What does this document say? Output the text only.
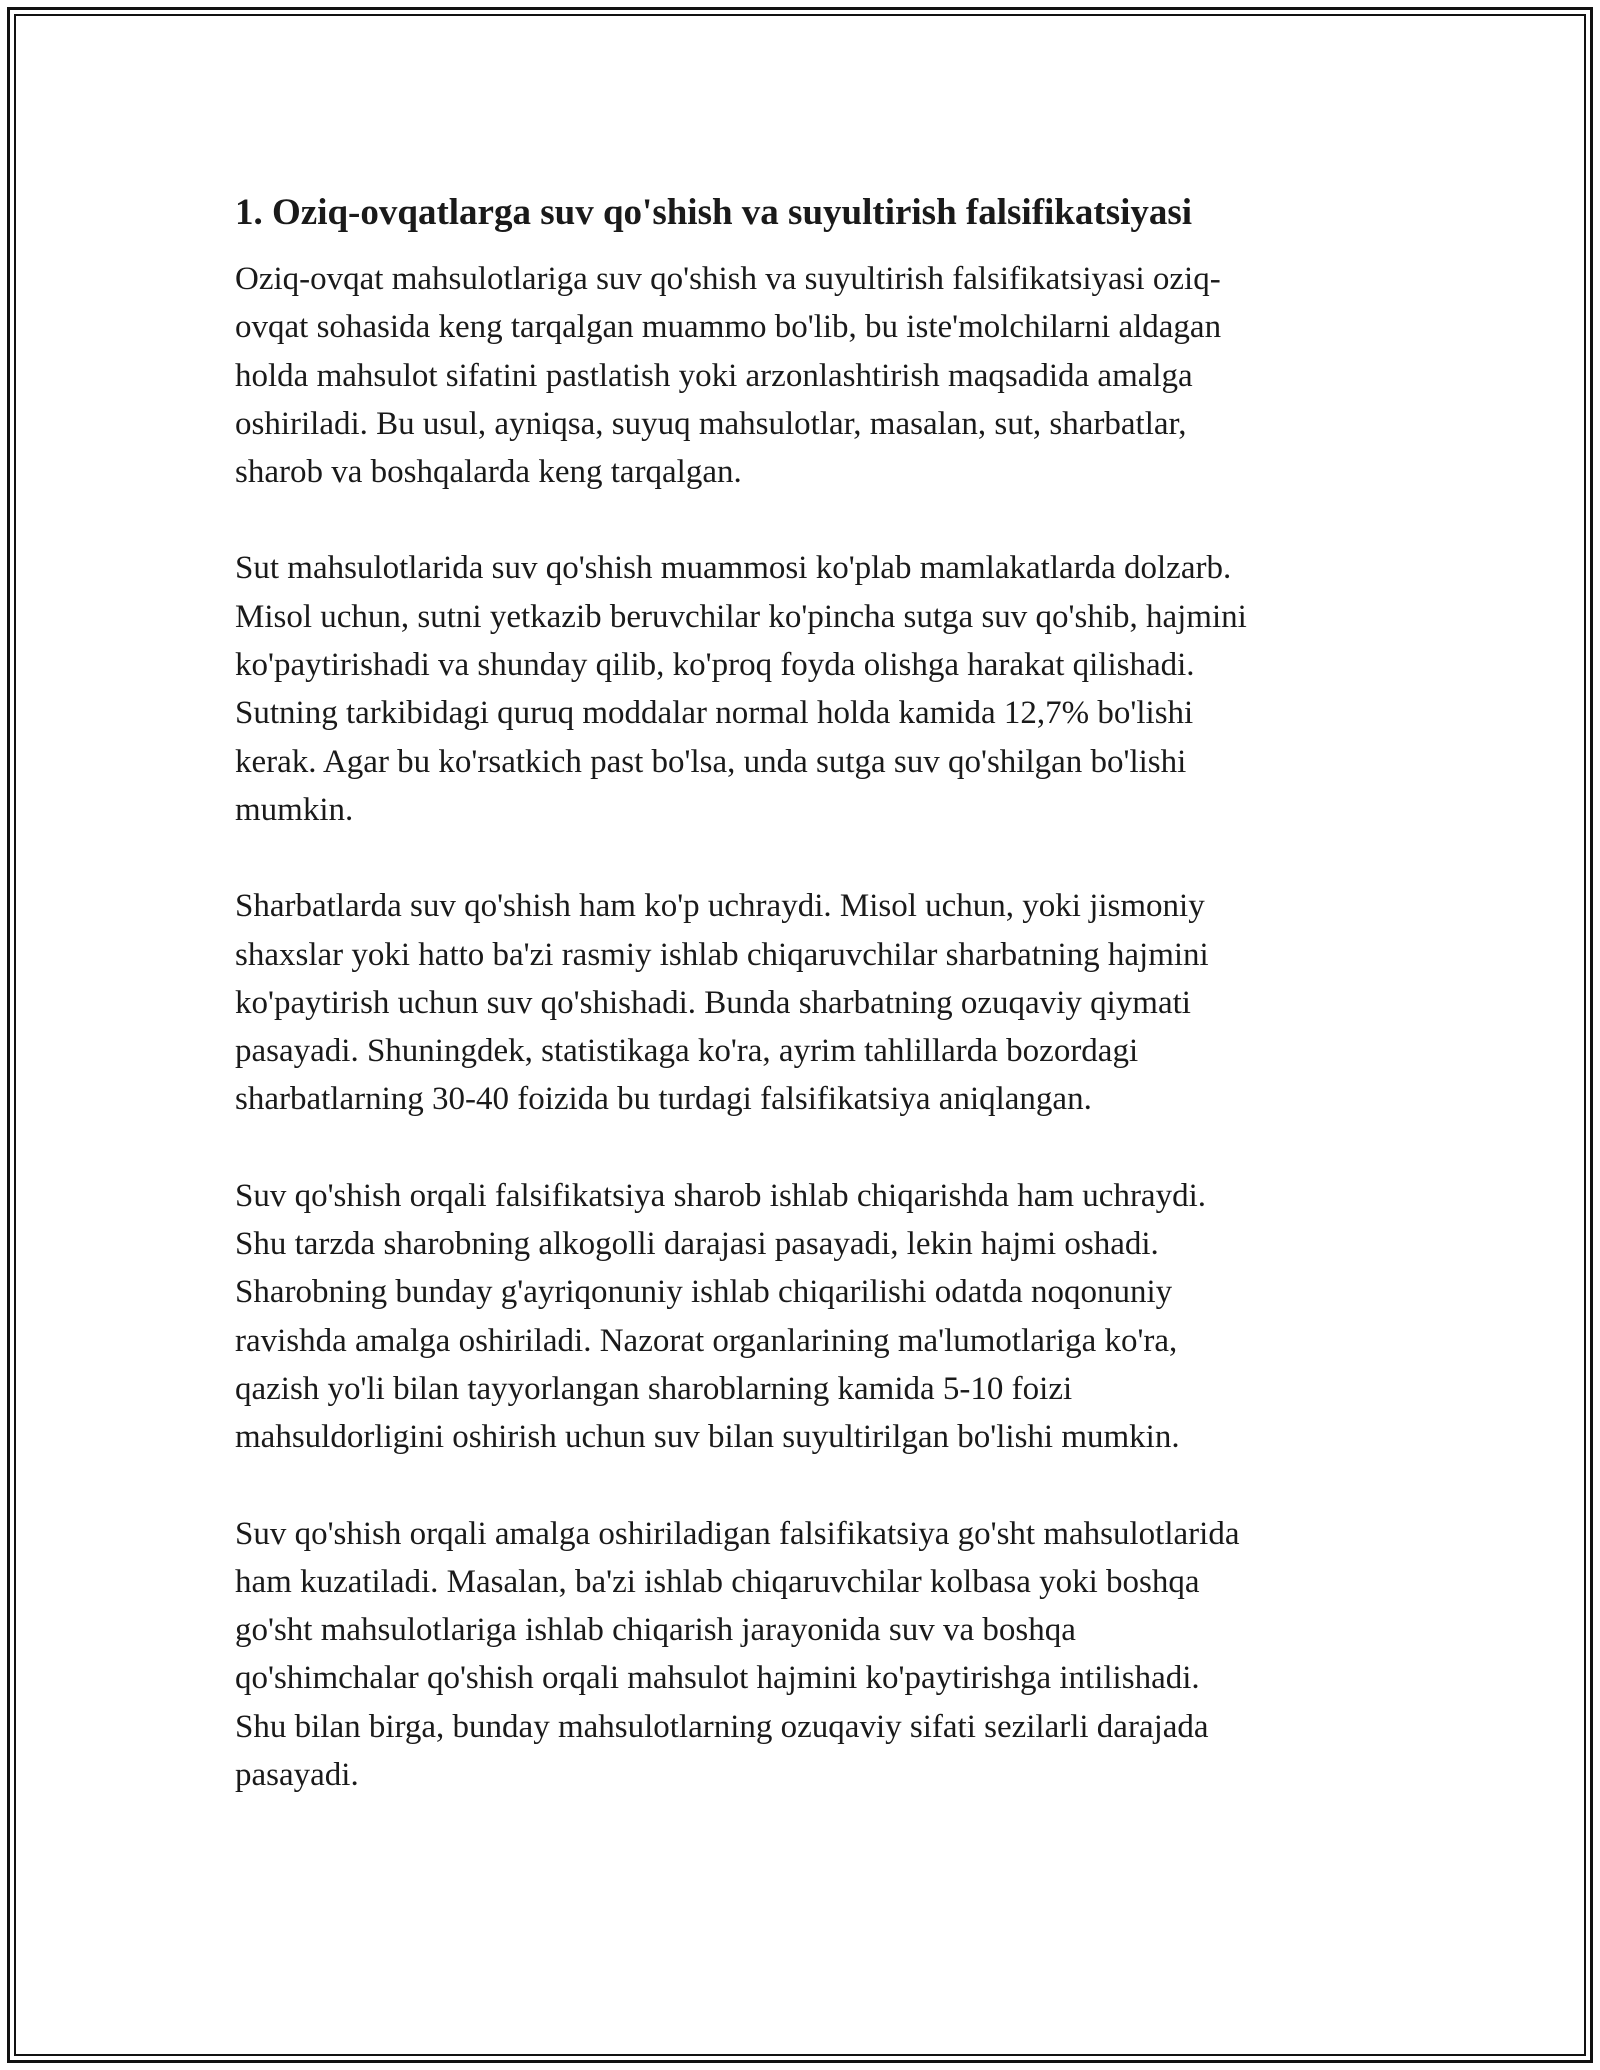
1. Oziq-ovqatlarga suv qo'shish va suyultirish falsifikatsiyasi

Oziq-ovqat mahsulotlariga suv qo'shish va suyultirish falsifikatsiyasi oziq-
ovqat sohasida keng tarqalgan muammo bo'lib, bu iste'molchilarni aldagan
holda mahsulot sifatini pastlatish yoki arzonlashtirish maqsadida amalga
oshiriladi. Bu usul, ayniqsa, suyuq mahsulotlar, masalan, sut, sharbatlar,
sharob va boshqalarda keng tarqalgan.

Sut mahsulotlarida suv qo'shish muammosi ko'plab mamlakatlarda dolzarb.
Misol uchun, sutni yetkazib beruvchilar ko'pincha sutga suv qo'shib, hajmini
ko'paytirishadi va shunday qilib, ko'proq foyda olishga harakat qilishadi.
Sutning tarkibidagi quruq moddalar normal holda kamida 12,7% bo'lishi
kerak. Agar bu ko'rsatkich past bo'lsa, unda sutga suv qo'shilgan bo'lishi
mumkin.

Sharbatlarda suv qo'shish ham ko'p uchraydi. Misol uchun, yoki jismoniy
shaxslar yoki hatto ba'zi rasmiy ishlab chiqaruvchilar sharbatning hajmini
ko'paytirish uchun suv qo'shishadi. Bunda sharbatning ozuqaviy qiymati
pasayadi. Shuningdek, statistikaga ko'ra, ayrim tahlillarda bozordagi
sharbatlarning 30-40 foizida bu turdagi falsifikatsiya aniqlangan.

Suv qo'shish orqali falsifikatsiya sharob ishlab chiqarishda ham uchraydi.
Shu tarzda sharobning alkogolli darajasi pasayadi, lekin hajmi oshadi.
Sharobning bunday g'ayriqonuniy ishlab chiqarilishi odatda noqonuniy
ravishda amalga oshiriladi. Nazorat organlarining ma'lumotlariga ko'ra,
qazish yo'li bilan tayyorlangan sharoblarning kamida 5-10 foizi
mahsuldorligini oshirish uchun suv bilan suyultirilgan bo'lishi mumkin.

Suv qo'shish orqali amalga oshiriladigan falsifikatsiya go'sht mahsulotlarida
ham kuzatiladi. Masalan, ba'zi ishlab chiqaruvchilar kolbasa yoki boshqa
go'sht mahsulotlariga ishlab chiqarish jarayonida suv va boshqa
qo'shimchalar qo'shish orqali mahsulot hajmini ko'paytirishga intilishadi.
Shu bilan birga, bunday mahsulotlarning ozuqaviy sifati sezilarli darajada
pasayadi.
